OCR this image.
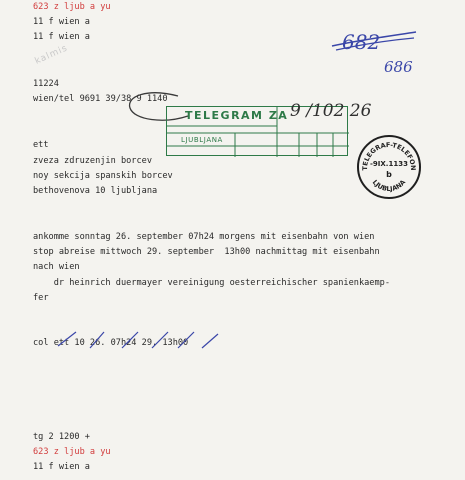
623 z ljub a yu
11 f wien a
11 f wien a
kalmis
11224
wien/tel 9691 39/38 9 1140
682
686
TELEGRAM ZA
LJUBLJANA
9 /102 26
TELEGRAF-TELEFON
LJUBLJANA
-9IX.1133
b
ett
zveza zdruzenjin borcev
noy sekcija spanskih borcev
bethovenova 10 ljubljana
ankomme sonntag 26. september 07h24 morgens mit eisenbahn von wien
stop abreise mittwoch 29. september  13h00 nachmittag mit eisenbahn
nach wien
dr heinrich duermayer vereinigung oesterreichischer spanienkaemp-
fer
col ett 10 26. 07h24 29. 13h00
tg 2 1200 +
623 z ljub a yu
11 f wien a
